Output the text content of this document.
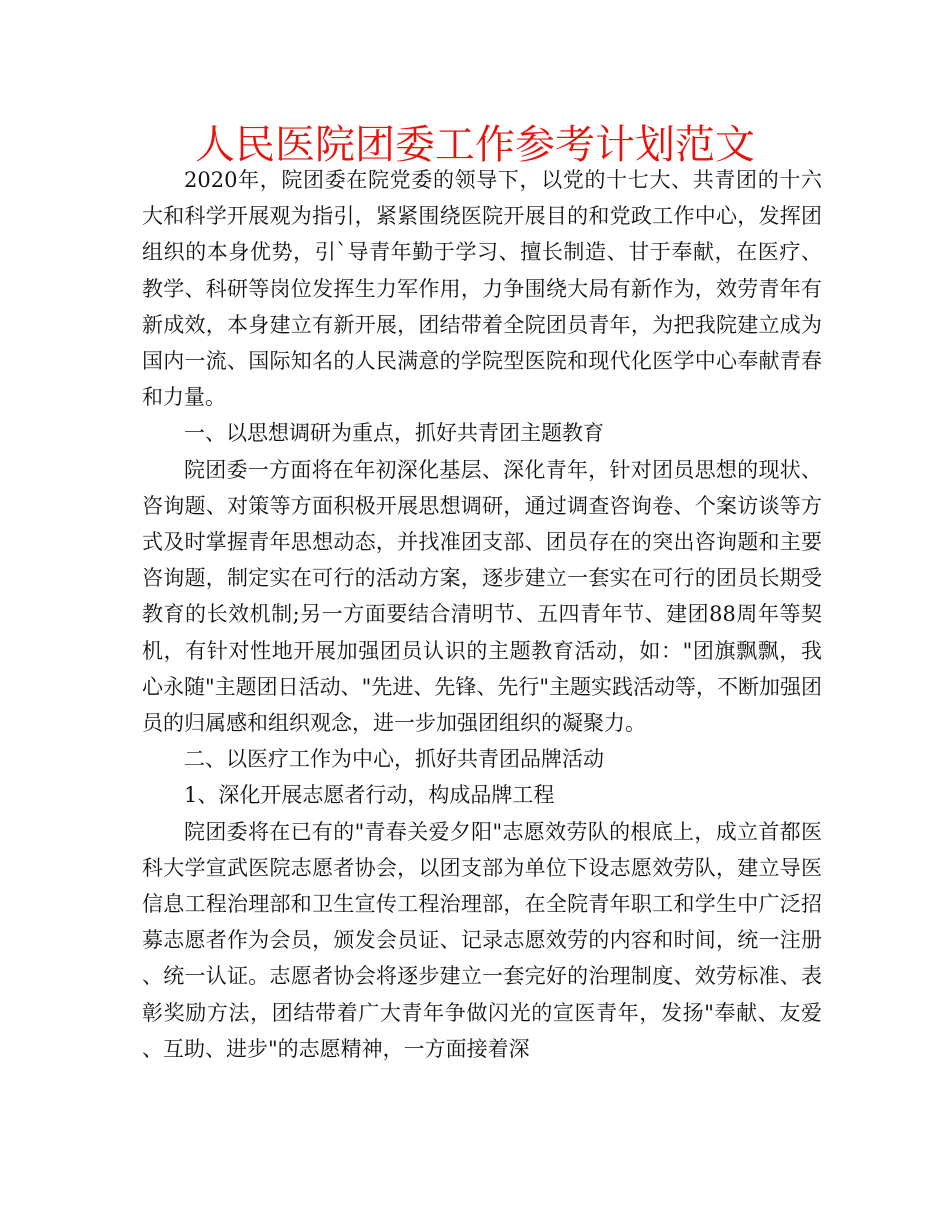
人民医院团委工作参考计划范文

2020年，院团委在院党委的领导下，以党的十七大、共青团的十六大和科学开展观为指引，紧紧围绕医院开展目的和党政工作中心，发挥团组织的本身优势，引`导青年勤于学习、擅长制造、甘于奉献，在医疗、教学、科研等岗位发挥生力军作用，力争围绕大局有新作为，效劳青年有新成效，本身建立有新开展，团结带着全院团员青年，为把我院建立成为国内一流、国际知名的人民满意的学院型医院和现代化医学中心奉献青春和力量。

一、以思想调研为重点，抓好共青团主题教育

院团委一方面将在年初深化基层、深化青年，针对团员思想的现状、咨询题、对策等方面积极开展思想调研，通过调查咨询卷、个案访谈等方式及时掌握青年思想动态，并找准团支部、团员存在的突出咨询题和主要咨询题，制定实在可行的活动方案，逐步建立一套实在可行的团员长期受教育的长效机制;另一方面要结合清明节、五四青年节、建团88周年等契机，有针对性地开展加强团员认识的主题教育活动，如："团旗飘飘，我心永随"主题团日活动、"先进、先锋、先行"主题实践活动等，不断加强团员的归属感和组织观念，进一步加强团组织的凝聚力。

二、以医疗工作为中心，抓好共青团品牌活动

1、深化开展志愿者行动，构成品牌工程

院团委将在已有的"青春关爱夕阳"志愿效劳队的根底上，成立首都医科大学宣武医院志愿者协会，以团支部为单位下设志愿效劳队，建立导医信息工程治理部和卫生宣传工程治理部，在全院青年职工和学生中广泛招募志愿者作为会员，颁发会员证、记录志愿效劳的内容和时间，统一注册、统一认证。志愿者协会将逐步建立一套完好的治理制度、效劳标准、表彰奖励方法，团结带着广大青年争做闪光的宣医青年，发扬"奉献、友爱、互助、进步"的志愿精神，一方面接着深
